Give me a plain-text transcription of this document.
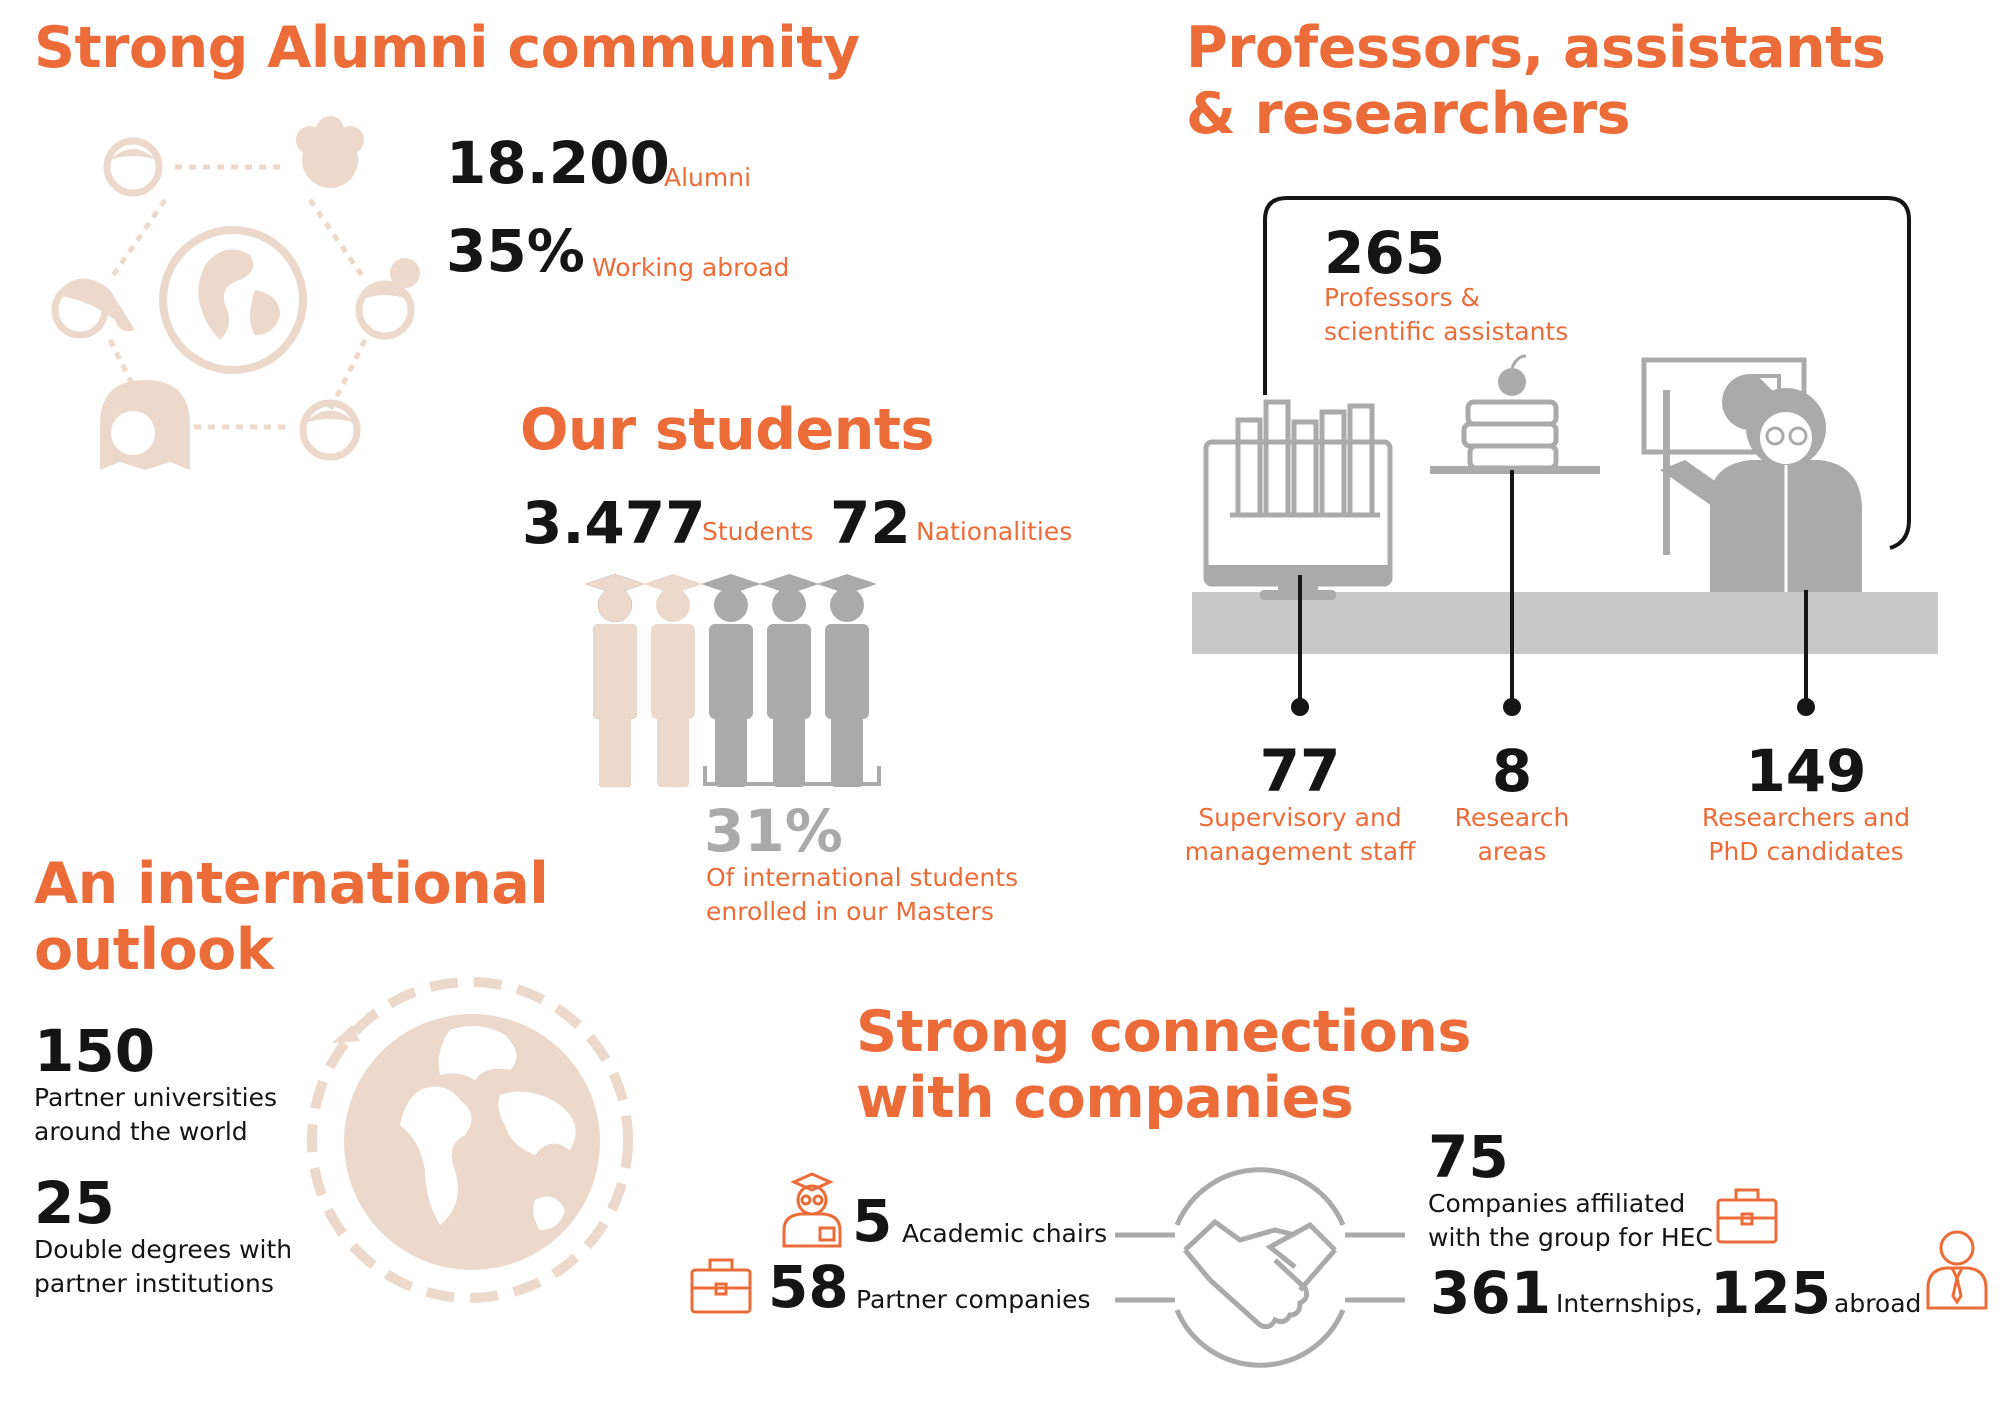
Strong Alumni community
18.200
Alumni
35% Working abroad
Our students
3.477
Students 72 Nationalities
31%
Of international students
enrolled in our Masters
Professors, assistants
& researchers
265
Professors &
scientific assistants
77
Supervisory and
management staff
8
Research
areas
149
Researchers and
PhD candidates
An international
outlook
150
Partner universities
around the world
25
Double degrees with
partner institutions
Strong connections
with companies
5 Academic chairs
58 Partner companies
75
Companies affiliated
with the group for HEC
361 Internships, 125 abroad
